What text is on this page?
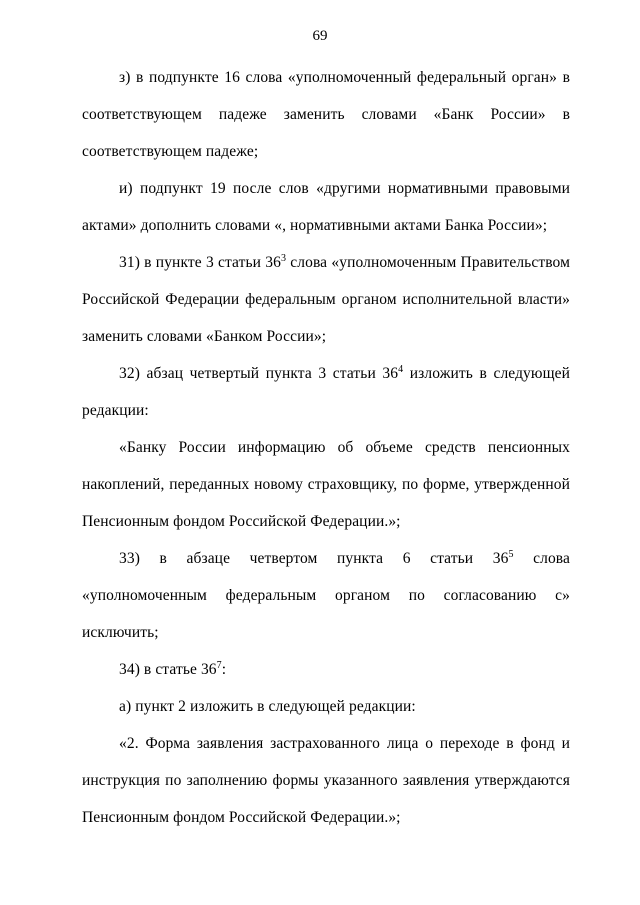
69

з) в подпункте 16 слова «уполномоченный федеральный орган» в соответствующем падеже заменить словами «Банк России» в соответствующем падеже;

и) подпункт 19 после слов «другими нормативными правовыми актами» дополнить словами «, нормативными актами Банка России»;

31) в пункте 3 статьи $36^3$ слова «уполномоченным Правительством Российской Федерации федеральным органом исполнительной власти» заменить словами «Банком России»;

32) абзац четвертый пункта 3 статьи $36^4$ изложить в следующей редакции:

«Банку России информацию об объеме средств пенсионных накоплений, переданных новому страховщику, по форме, утвержденной Пенсионным фондом Российской Федерации.»;

33) в абзаце четвертом пункта 6 статьи $36^5$ слова «уполномоченным федеральным органом по согласованию с» исключить;

34) в статье $36^7$:

а) пункт 2 изложить в следующей редакции:

«2. Форма заявления застрахованного лица о переходе в фонд и инструкция по заполнению формы указанного заявления утверждаются Пенсионным фондом Российской Федерации.»;
